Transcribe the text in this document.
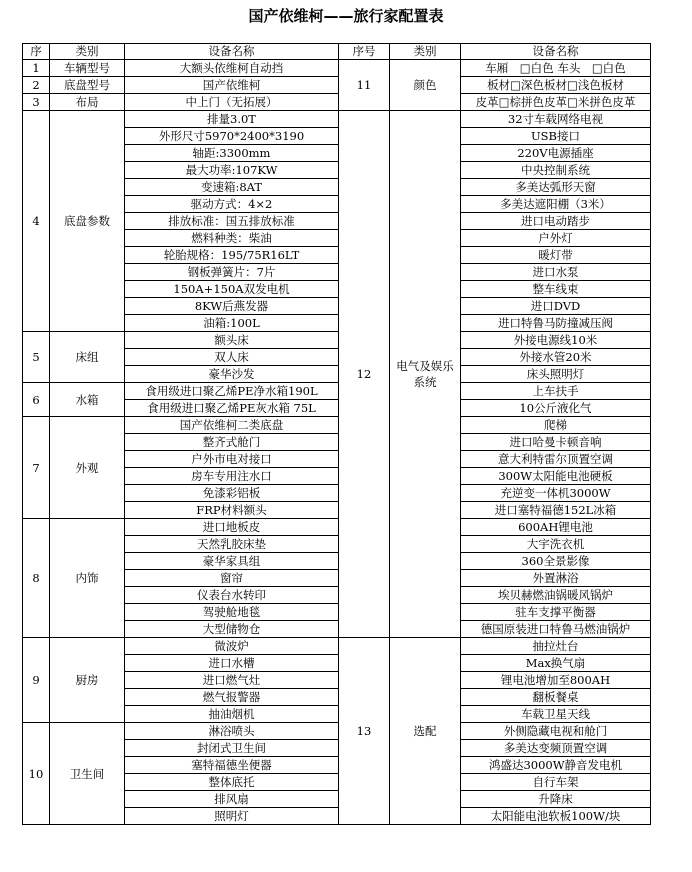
国产依维柯——旅行家配置表
序	类别	设备名称	序号	类别	设备名称
1	车辆型号	大额头依维柯自动挡	11	颜色	车厢　□白色 车头　□白色
2	底盘型号	国产依维柯			板材□深色板材□浅色板材
3	布局	中上门（无拓展）			皮革□棕拼色皮革□米拼色皮革
4	底盘参数	排量3.0T	12	电气及娱乐系统	32寸车载网络电视
		外形尺寸5970*2400*3190			USB接口
		轴距:3300mm			220V电源插座
		最大功率:107KW			中央控制系统
		变速箱:8AT			多美达弧形天窗
		驱动方式：4×2			多美达遮阳棚（3米）
		排放标准：国五排放标准			进口电动踏步
		燃料种类：柴油			户外灯
		轮胎规格：195/75R16LT			暖灯带
		钢板弹簧片：7片			进口水泵
		150A+150A双发电机			整车线束
		8KW后燕发器			进口DVD
		油箱:100L			进口特鲁马防撞减压阀
5	床组	额头床			外接电源线10米
		双人床			外接水管20米
		豪华沙发			床头照明灯
6	水箱	食用级进口聚乙烯PE净水箱190L			上车扶手
		食用级进口聚乙烯PE灰水箱 75L			10公斤液化气
7	外观	国产依维柯二类底盘			爬梯
		整齐式舱门			进口哈曼卡顿音响
		户外市电对接口			意大利特雷尔顶置空调
		房车专用注水口			300W太阳能电池硬板
		免漆彩铝板			充逆变一体机3000W
		FRP材料额头			进口塞特福德152L冰箱
8	内饰	进口地板皮			600AH锂电池
		天然乳胶床垫			大宇洗衣机
		豪华家具组			360全景影像
		窗帘			外置淋浴
		仪表台水转印			埃贝赫燃油锅暖风锅炉
		驾驶舱地毯			驻车支撑平衡器
		大型储物仓			德国原装进口特鲁马燃油锅炉
9	厨房	微波炉	13	选配	抽拉灶台
		进口水槽			Max换气扇
		进口燃气灶			锂电池增加至800AH
		燃气报警器			翻板餐桌
		抽油烟机			车载卫星天线
10	卫生间	淋浴喷头			外侧隐藏电视和舱门
		封闭式卫生间			多美达变频顶置空调
		塞特福德坐便器			鸿盛达3000W静音发电机
		整体底托			自行车架
		排风扇			升降床
		照明灯			太阳能电池软板100W/块
